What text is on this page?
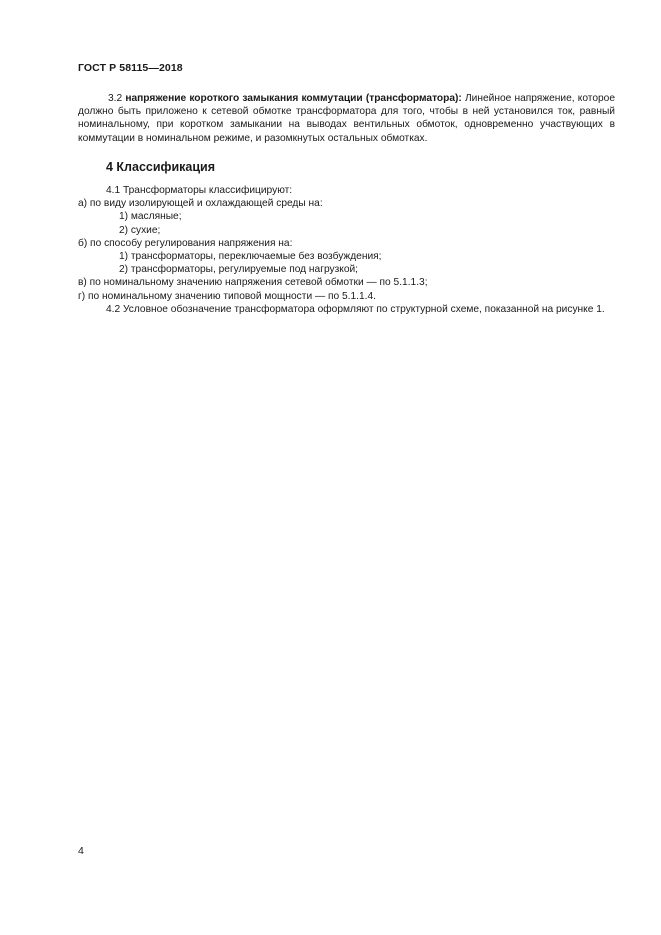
ГОСТ Р 58115—2018

3.2 напряжение короткого замыкания коммутации (трансформатора): Линейное напряжение, которое должно быть приложено к сетевой обмотке трансформатора для того, чтобы в ней установился ток, равный номинальному, при коротком замыкании на выводах вентильных обмоток, одновременно участвующих в коммутации в номинальном режиме, и разомкнутых остальных обмотках.

4 Классификация

4.1 Трансформаторы классифицируют:

а) по виду изолирующей и охлаждающей среды на:

1) масляные;

2) сухие;

б) по способу регулирования напряжения на:

1) трансформаторы, переключаемые без возбуждения;

2) трансформаторы, регулируемые под нагрузкой;

в) по номинальному значению напряжения сетевой обмотки — по 5.1.1.3;

г) по номинальному значению типовой мощности — по 5.1.1.4.

4.2 Условное обозначение трансформатора оформляют по структурной схеме, показанной на рисунке 1.

4
